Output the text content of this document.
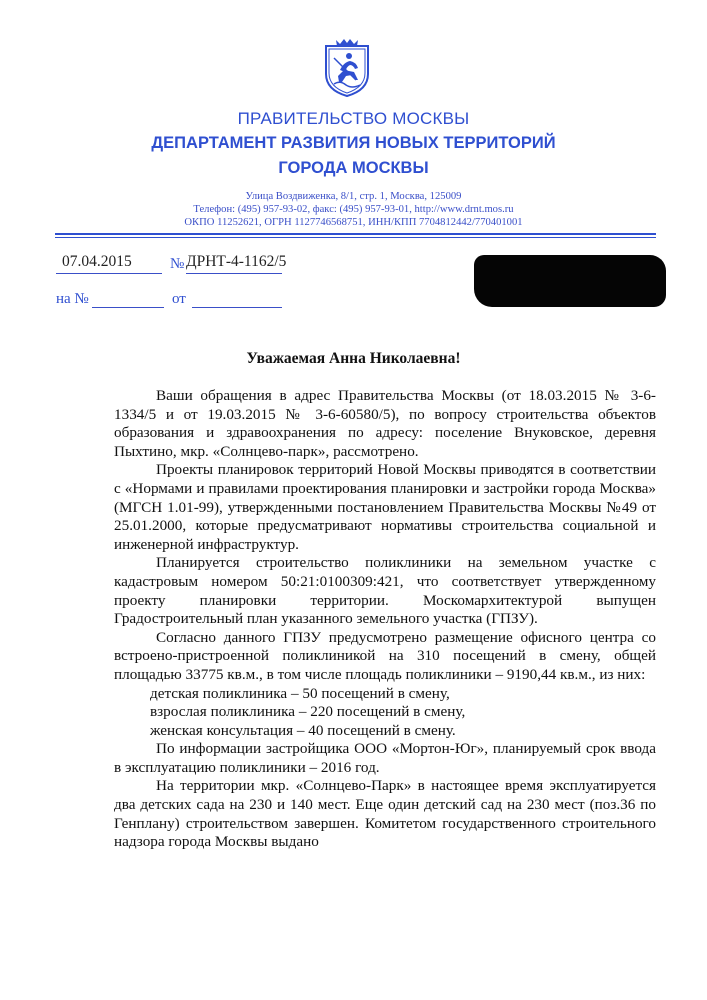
ПРАВИТЕЛЬСТВО МОСКВЫ
ДЕПАРТАМЕНТ РАЗВИТИЯ НОВЫХ ТЕРРИТОРИЙ
ГОРОДА МОСКВЫ
Улица Воздвиженка, 8/1, стр. 1, Москва, 125009
Телефон: (495) 957-93-02, факс: (495) 957-93-01, http://www.drnt.mos.ru
ОКПО 11252621, ОГРН 1127746568751, ИНН/КПП 7704812442/770401001
07.04.2015	№ ДРНТ-4-1162/5
на №	от
Уважаемая Анна Николаевна!

Ваши обращения в адрес Правительства Москвы (от 18.03.2015 № 3-6-1334/5 и от 19.03.2015 № 3-6-60580/5), по вопросу строительства объектов образования и здравоохранения по адресу: поселение Внуковское, деревня Пыхтино, мкр. «Солнцево-парк», рассмотрено.

Проекты планировок территорий Новой Москвы приводятся в соответствии с «Нормами и правилами проектирования планировки и застройки города Москва» (МГСН 1.01-99), утвержденными постановлением Правительства Москвы №49 от 25.01.2000, которые предусматривают нормативы строительства социальной и инженерной инфраструктур.

Планируется строительство поликлиники на земельном участке с кадастровым номером 50:21:0100309:421, что соответствует утвержденному проекту планировки территории. Москомархитектурой выпущен Градостроительный план указанного земельного участка (ГПЗУ).

Согласно данного ГПЗУ предусмотрено размещение офисного центра со встроено-пристроенной поликлиникой на 310 посещений в смену, общей площадью 33775 кв.м., в том числе площадь поликлиники – 9190,44 кв.м., из них:

детская поликлиника – 50 посещений в смену,

взрослая поликлиника – 220 посещений в смену,

женская консультация – 40 посещений в смену.

По информации застройщика ООО «Мортон-Юг», планируемый срок ввода в эксплуатацию поликлиники – 2016 год.

На территории мкр. «Солнцево-Парк» в настоящее время эксплуатируется два детских сада на 230 и 140 мест. Еще один детский сад на 230 мест (поз.36 по Генплану) строительством завершен. Комитетом государственного строительного надзора города Москвы выдано
